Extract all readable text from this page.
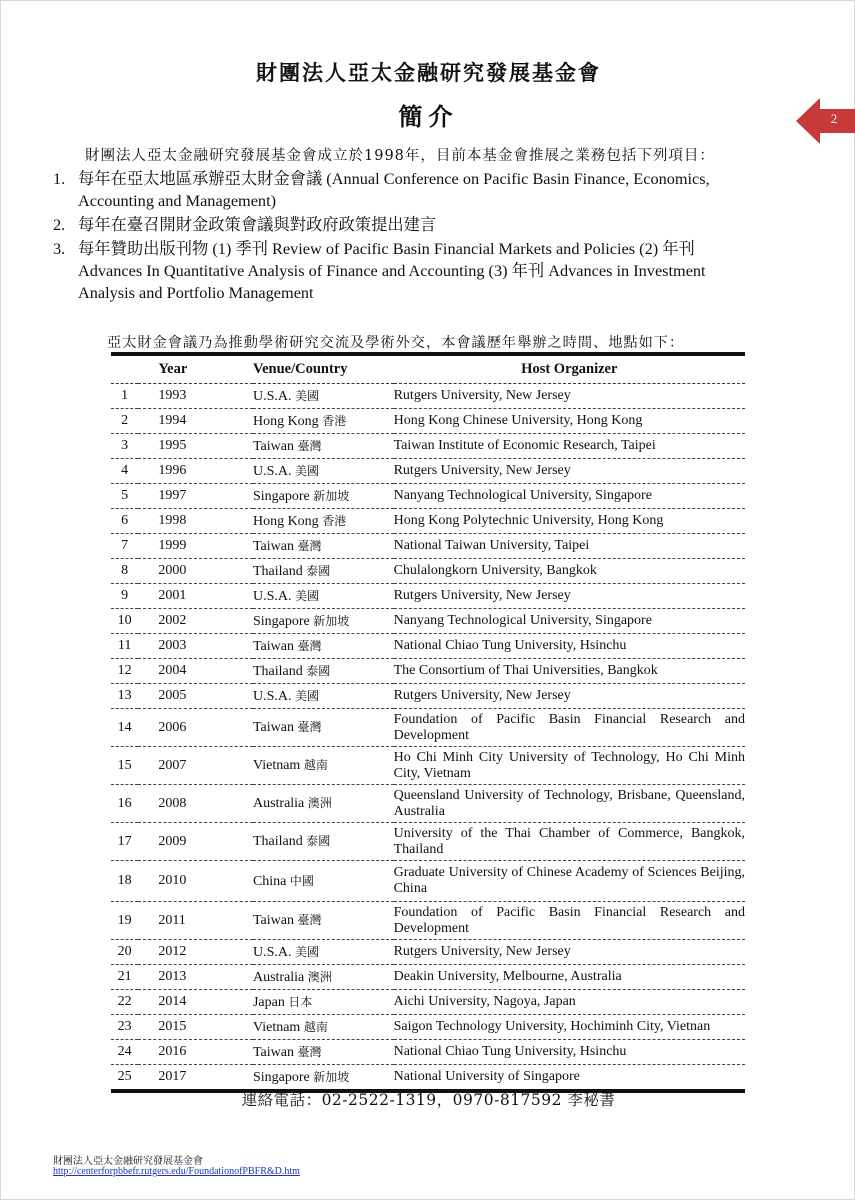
財團法人亞太金融研究發展基金會
簡介	2
財團法人亞太金融研究發展基金會成立於1998年，目前本基金會推展之業務包括下列項目：
1. 每年在亞太地區承辦亞太財金會議 (Annual Conference on Pacific Basin Finance, Economics, Accounting and Management)
2. 每年在臺召開財金政策會議與對政府政策提出建言
3. 每年贊助出版刊物 (1) 季刊 Review of Pacific Basin Financial Markets and Policies (2) 年刊 Advances In Quantitative Analysis of Finance and Accounting (3) 年刊 Advances in Investment Analysis and Portfolio Management
亞太財金會議乃為推動學術研究交流及學術外交，本會議歷年舉辦之時間、地點如下：
	Year	Venue/Country	Host Organizer
1	1993	U.S.A. 美國	Rutgers University, New Jersey
2	1994	Hong Kong 香港	Hong Kong Chinese University, Hong Kong
3	1995	Taiwan 臺灣	Taiwan Institute of Economic Research, Taipei
4	1996	U.S.A. 美國	Rutgers University, New Jersey
5	1997	Singapore 新加坡	Nanyang Technological University, Singapore
6	1998	Hong Kong 香港	Hong Kong Polytechnic University, Hong Kong
7	1999	Taiwan 臺灣	National Taiwan University, Taipei
8	2000	Thailand 泰國	Chulalongkorn University, Bangkok
9	2001	U.S.A. 美國	Rutgers University, New Jersey
10	2002	Singapore 新加坡	Nanyang Technological University, Singapore
11	2003	Taiwan 臺灣	National Chiao Tung University, Hsinchu
12	2004	Thailand 泰國	The Consortium of Thai Universities, Bangkok
13	2005	U.S.A. 美國	Rutgers University, New Jersey
14	2006	Taiwan 臺灣	Foundation of Pacific Basin Financial Research and Development
15	2007	Vietnam 越南	Ho Chi Minh City University of Technology, Ho Chi Minh City, Vietnam
16	2008	Australia 澳洲	Queensland University of Technology, Brisbane, Queensland, Australia
17	2009	Thailand 泰國	University of the Thai Chamber of Commerce, Bangkok, Thailand
18	2010	China 中國	Graduate University of Chinese Academy of Sciences Beijing, China
19	2011	Taiwan 臺灣	Foundation of Pacific Basin Financial Research and Development
20	2012	U.S.A. 美國	Rutgers University, New Jersey
21	2013	Australia 澳洲	Deakin University, Melbourne, Australia
22	2014	Japan 日本	Aichi University, Nagoya, Japan
23	2015	Vietnam 越南	Saigon Technology University, Hochiminh City, Vietnan
24	2016	Taiwan 臺灣	National Chiao Tung University, Hsinchu
25	2017	Singapore 新加坡	National University of Singapore
連絡電話：02-2522-1319，0970-817592 李秘書
財團法人亞太金融研究發展基金會
http://centerforpbbefr.rutgers.edu/FoundationofPBFR&D.htm
